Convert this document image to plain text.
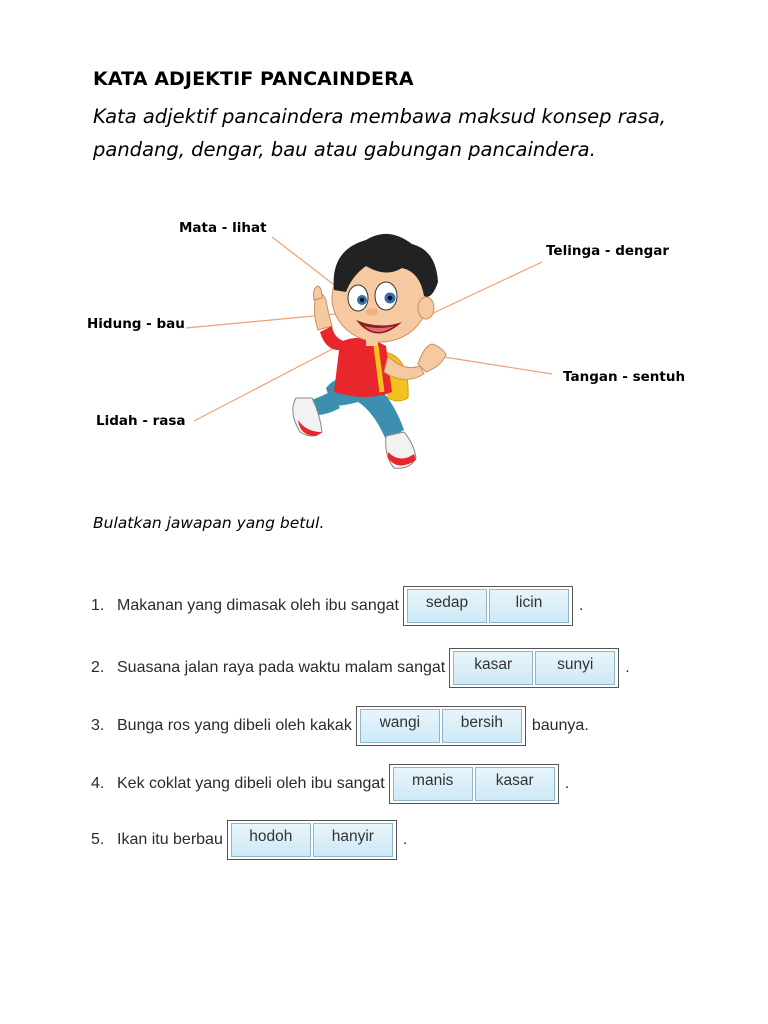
KATA ADJEKTIF PANCAINDERA
Kata adjektif pancaindera membawa maksud konsep rasa, pandang, dengar, bau atau gabungan pancaindera.
Mata - lihat
Telinga - dengar
Hidung - bau
Tangan - sentuh
Lidah - rasa
Bulatkan jawapan yang betul.
1. Makanan yang dimasak oleh ibu sangat	sedap	licin	.
2. Suasana jalan raya pada waktu malam sangat	kasar	sunyi	.
3. Bunga ros yang dibeli oleh kakak	wangi	bersih	baunya.
4. Kek coklat yang dibeli oleh ibu sangat	manis	kasar	.
5. Ikan itu berbau	hodoh	hanyir	.
